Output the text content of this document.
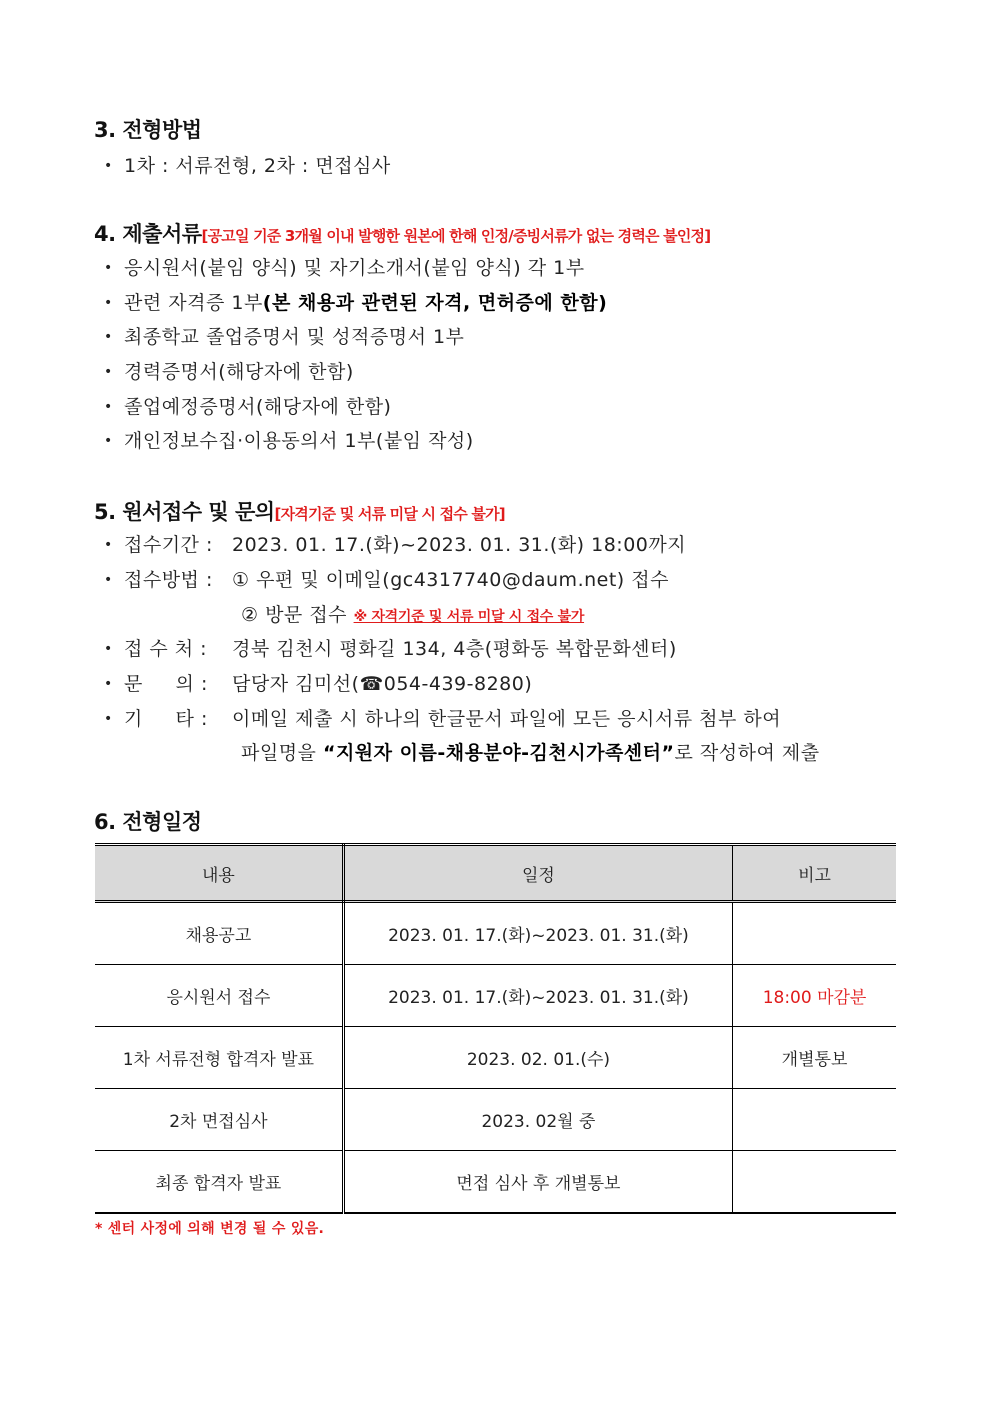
3. 전형방법
• 1차 : 서류전형, 2차 : 면접심사
4. 제출서류[공고일 기준 3개월 이내 발행한 원본에 한해 인정/증빙서류가 없는 경력은 불인정]
• 응시원서(붙임 양식) 및 자기소개서(붙임 양식) 각 1부
• 관련 자격증 1부(본 채용과 관련된 자격, 면허증에 한함)
• 최종학교 졸업증명서 및 성적증명서 1부
• 경력증명서(해당자에 한함)
• 졸업예정증명서(해당자에 한함)
• 개인정보수집·이용동의서 1부(붙임 작성)
5. 원서접수 및 문의[자격기준 및 서류 미달 시 접수 불가]
• 접수기간 : 2023. 01. 17.(화)~2023. 01. 31.(화) 18:00까지
• 접수방법 : ① 우편 및 이메일(gc4317740@daum.net) 접수
② 방문 접수 ※ 자격기준 및 서류 미달 시 접수 불가
• 접 수 처 : 경북 김천시 평화길 134, 4층(평화동 복합문화센터)
• 문     의 : 담당자 김미선(☎054-439-8280)
• 기     타 : 이메일 제출 시 하나의 한글문서 파일에 모든 응시서류 첨부 하여
파일명을 “지원자 이름-채용분야-김천시가족센터”로 작성하여 제출
6. 전형일정
내용	일정	비고
채용공고	2023. 01. 17.(화)~2023. 01. 31.(화)	
응시원서 접수	2023. 01. 17.(화)~2023. 01. 31.(화)	18:00 마감분
1차 서류전형 합격자 발표	2023. 02. 01.(수)	개별통보
2차 면접심사	2023. 02월 중	
최종 합격자 발표	면접 심사 후 개별통보	
* 센터 사정에 의해 변경 될 수 있음.
